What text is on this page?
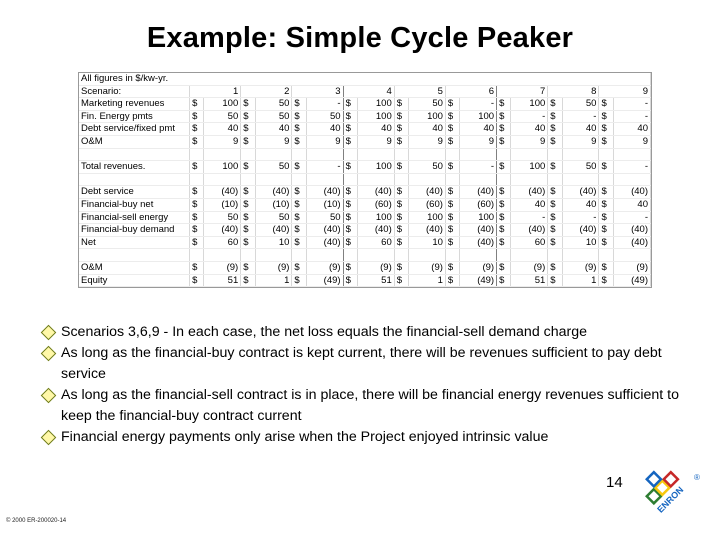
Example: Simple Cycle Peaker
All figures in $/kw-yr.																		
Scenario:	1		2		3		4		5		6		7		8		9	
Marketing revenues	$	100	$	50	$	-	$	100	$	50	$	-	$	100	$	50	$	-
Fin. Energy pmts	$	50	$	50	$	50	$	100	$	100	$	100	$	-	$	-	$	-
Debt service/fixed pmt	$	40	$	40	$	40	$	40	$	40	$	40	$	40	$	40	$	40
O&M	$	9	$	9	$	9	$	9	$	9	$	9	$	9	$	9	$	9

Total revenues.	$	100	$	50	$	-	$	100	$	50	$	-	$	100	$	50	$	-

Debt service	$	(40)	$	(40)	$	(40)	$	(40)	$	(40)	$	(40)	$	(40)	$	(40)	$	(40)
Financial-buy net	$	(10)	$	(10)	$	(10)	$	(60)	$	(60)	$	(60)	$	40	$	40	$	40
Financial-sell energy	$	50	$	50	$	50	$	100	$	100	$	100	$	-	$	-	$	-
Financial-buy demand	$	(40)	$	(40)	$	(40)	$	(40)	$	(40)	$	(40)	$	(40)	$	(40)	$	(40)
Net	$	60	$	10	$	(40)	$	60	$	10	$	(40)	$	60	$	10	$	(40)

O&M	$	(9)	$	(9)	$	(9)	$	(9)	$	(9)	$	(9)	$	(9)	$	(9)	$	(9)
Equity	$	51	$	1	$	(49)	$	51	$	1	$	(49)	$	51	$	1	$	(49)
Scenarios 3,6,9 - In each case, the net loss equals the financial-sell demand charge
As long as the financial-buy contract is kept current, there will be revenues sufficient to pay debt service
As long as the financial-sell contract is in place, there will be financial energy revenues sufficient to keep the financial-buy contract current
Financial energy payments only arise when the Project enjoyed intrinsic value
14
© 2000 ER-200020-14
ENRON
®
